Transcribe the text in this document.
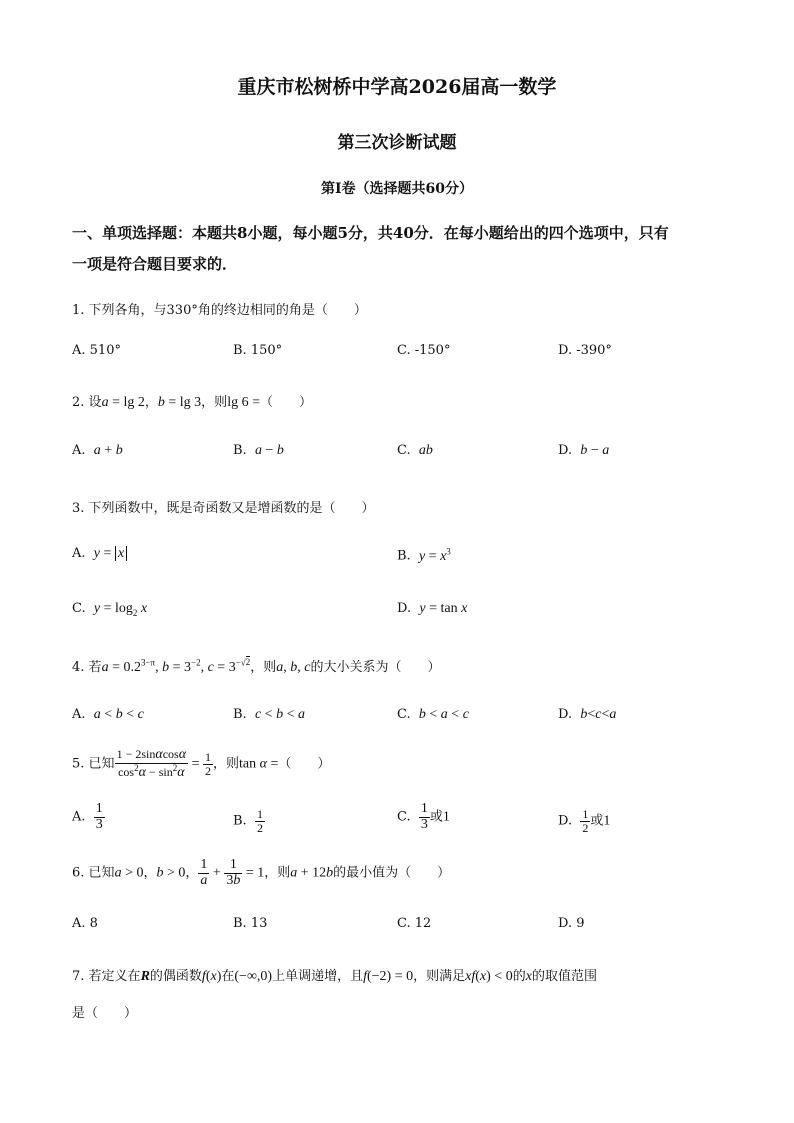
重庆市松树桥中学高2026届高一数学
第三次诊断试题
第Ⅰ卷（选择题共60分）
一、单项选择题：本题共8小题，每小题5分，共40分．在每小题给出的四个选项中，只有
一项是符合题目要求的．
1. 下列各角，与330°角的终边相同的角是（　　）
A. 510°	B. 150°	C. -150°	D. -390°
2. 设a = lg 2，b = lg 3，则lg 6 =（　　）
A. a + b	B. a − b	C. ab	D. b − a
3. 下列函数中，既是奇函数又是增函数的是（　　）
A. y = x	B. $y = x^3$
C. $y = \log_2 x$	D. y = tan x
4. 若$a = 0.2^{3-\pi}$, $b = 3^{-2}$, $c = 3^{-√2}$，则a, b, c的大小关系为（　　）
A. a < b < c	B. c < b < a	C. b < a < c	D. b<c<a
5. 已知 $\frac{1 - 2\sin\alpha\cos\alpha}{\cos^2\alpha - \sin^2\alpha} = \frac{1}{2}$ ，则tan α =（　　）
A. $\frac{1}{3}$	B. $\frac{1}{2}$	C. $\frac{1}{3}$ 或1	D. $\frac{1}{2}$ 或1
6. 已知a > 0，b > 0， $\frac{1}{a} + \frac{1}{3b} = 1$，则a + 12b的最小值为（　　）
A. 8	B. 13	C. 12	D. 9
7. 若定义在R的偶函数f(x)在(−∞,0)上单调递增，且f(−2) = 0，则满足xf(x) < 0的x的取值范围
是（　　）
